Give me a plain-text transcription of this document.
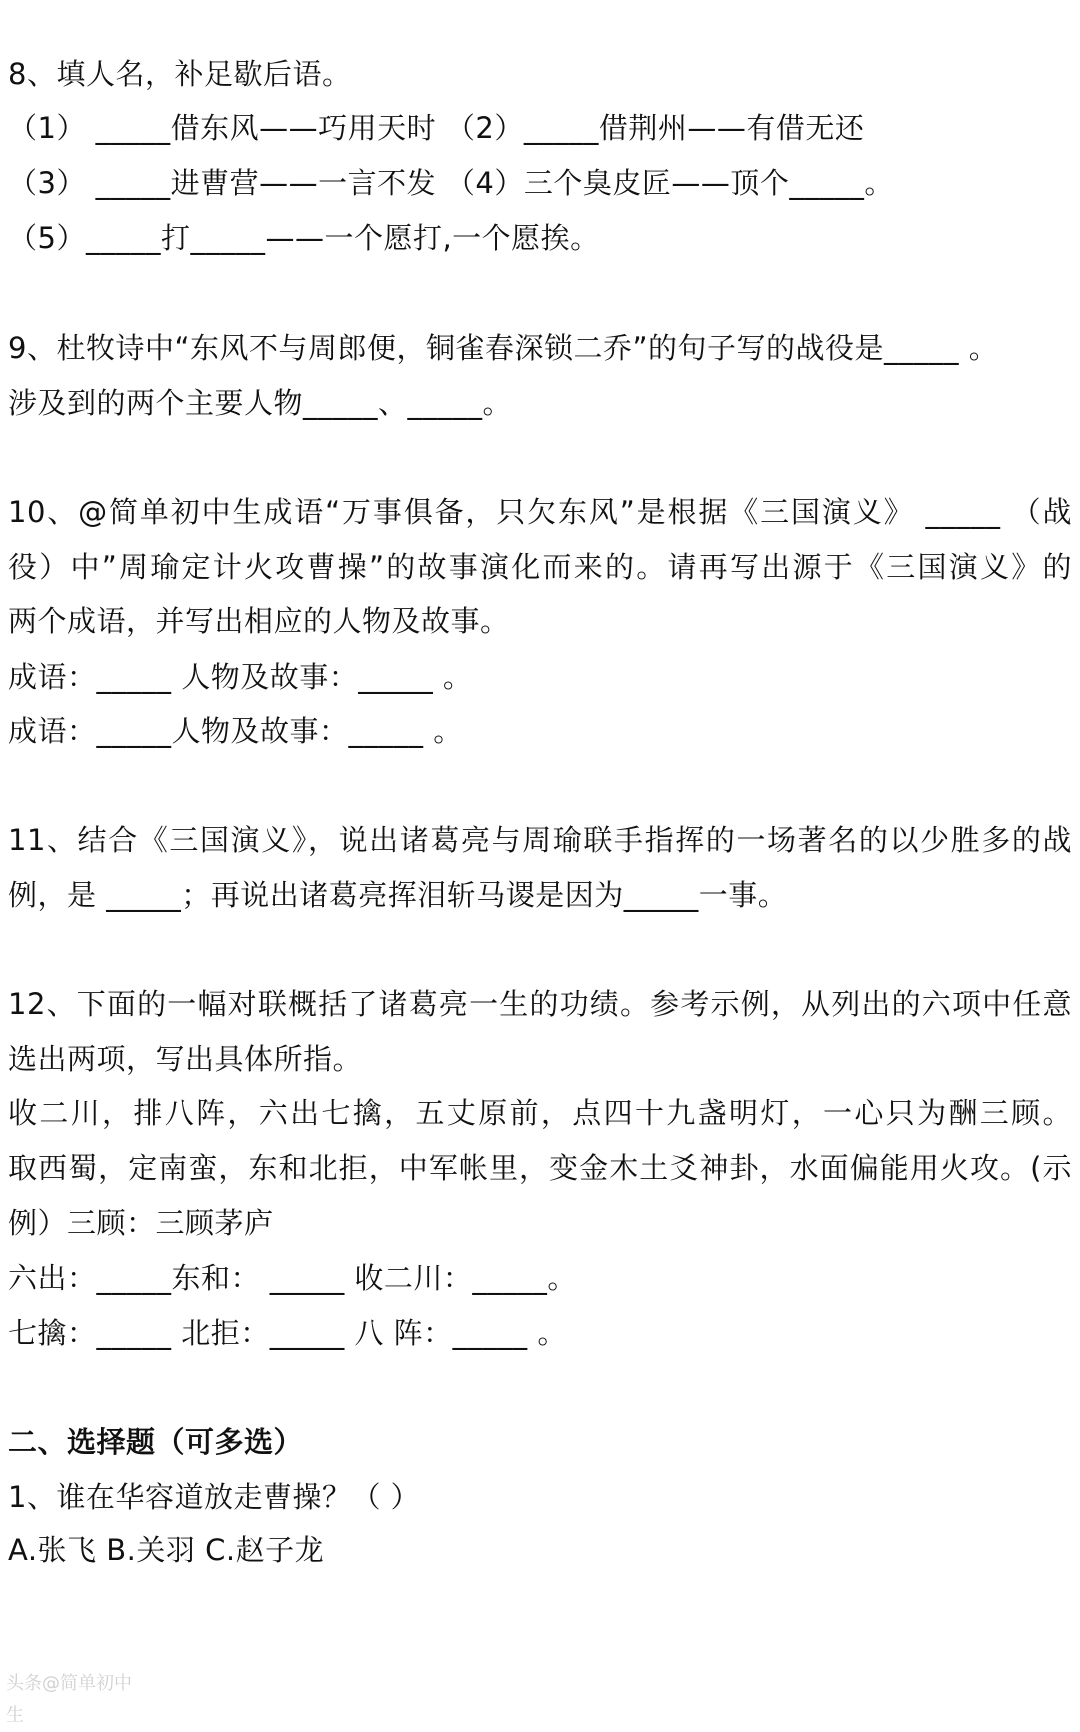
8、填人名，补足歇后语。
（1） _____借东风——巧用天时 （2）_____借荆州——有借无还
（3） _____进曹营——一言不发 （4）三个臭皮匠——顶个_____。
（5）_____打_____——一个愿打,一个愿挨。
9、杜牧诗中“东风不与周郎便，铜雀春深锁二乔”的句子写的战役是_____ 。
涉及到的两个主要人物_____、_____。
10、@简单初中生成语“万事俱备，只欠东风”是根据《三国演义》 _____ （战
役）中”周瑜定计火攻曹操”的故事演化而来的。请再写出源于《三国演义》的
两个成语，并写出相应的人物及故事。
成语：_____ 人物及故事：_____ 。
成语：_____人物及故事：_____ 。
11、结合《三国演义》，说出诸葛亮与周瑜联手指挥的一场著名的以少胜多的战
例，是 _____；再说出诸葛亮挥泪斩马谡是因为_____一事。
12、下面的一幅对联概括了诸葛亮一生的功绩。参考示例，从列出的六项中任意
选出两项，写出具体所指。
收二川，排八阵，六出七擒，五丈原前，点四十九盏明灯，一心只为酬三顾。
取西蜀，定南蛮，东和北拒，中军帐里，变金木土爻神卦，水面偏能用火攻。(示
例）三顾：三顾茅庐
六出：_____东和： _____ 收二川：_____。
七擒：_____ 北拒：_____ 八 阵：_____ 。
二、选择题（可多选）
1、谁在华容道放走曹操？（ ）
A.张飞 B.关羽 C.赵子龙
头条@简单初中生
